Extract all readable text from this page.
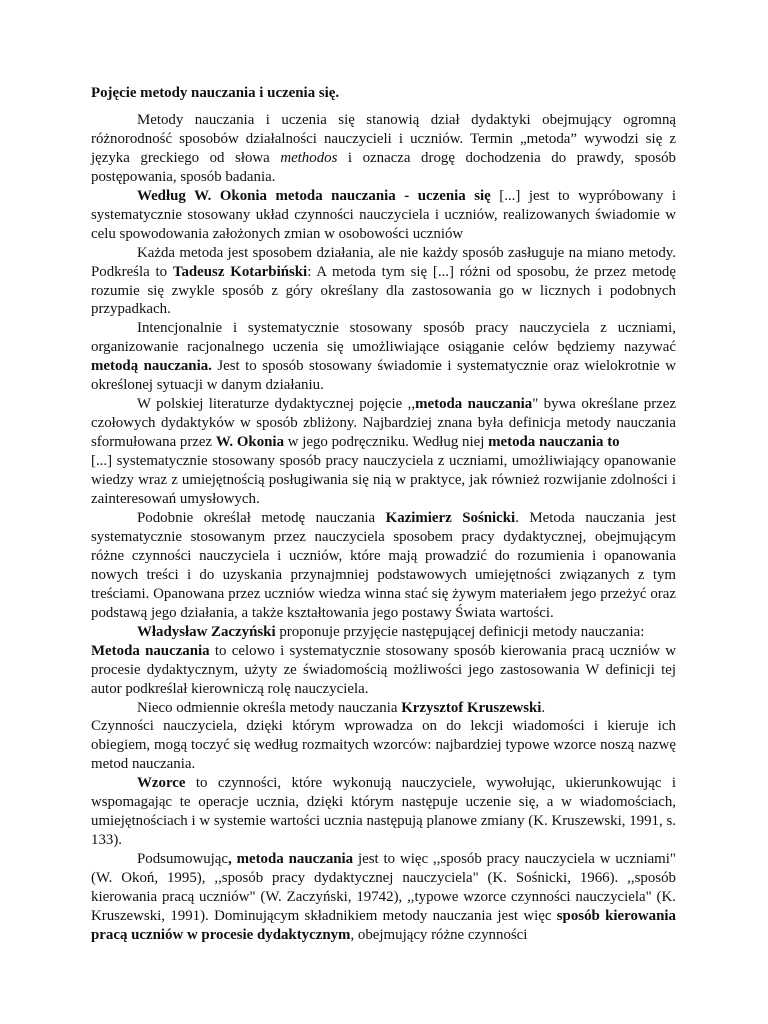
Pojęcie metody nauczania i uczenia się.

Metody nauczania i uczenia się stanowią dział dydaktyki obejmujący ogromną różnorodność sposobów działalności nauczycieli i uczniów. Termin „metoda” wywodzi się z języka greckiego od słowa methodos i oznacza drogę dochodzenia do prawdy, sposób postępowania, sposób badania.

Według W. Okonia metoda nauczania - uczenia się [...] jest to wypróbowany i systematycznie stosowany układ czynności nauczyciela i uczniów, realizowanych świadomie w celu spowodowania założonych zmian w osobowości uczniów

Każda metoda jest sposobem działania, ale nie każdy sposób zasługuje na miano metody. Podkreśla to Tadeusz Kotarbiński: A metoda tym się [...] różni od sposobu, że przez metodę rozumie się zwykle sposób z góry określany dla zastosowania go w licznych i podobnych przypadkach.

Intencjonalnie i systematycznie stosowany sposób pracy nauczyciela z uczniami, organizowanie racjonalnego uczenia się umożliwiające osiąganie celów będziemy nazywać metodą nauczania. Jest to sposób stosowany świadomie i systematycznie oraz wielokrotnie w określonej sytuacji w danym działaniu.

W polskiej literaturze dydaktycznej pojęcie ,,metoda nauczania" bywa określane przez czołowych dydaktyków w sposób zbliżony. Najbardziej znana była definicja metody nauczania sformułowana przez W. Okonia w jego podręczniku. Według niej metoda nauczania to

[...] systematycznie stosowany sposób pracy nauczyciela z uczniami, umożliwiający opanowanie wiedzy wraz z umiejętnością posługiwania się nią w praktyce, jak również rozwijanie zdolności i zainteresowań umysłowych.

Podobnie określał metodę nauczania Kazimierz Sośnicki. Metoda nauczania jest systematycznie stosowanym przez nauczyciela sposobem pracy dydaktycznej, obejmującym różne czynności nauczyciela i uczniów, które mają prowadzić do rozumienia i opanowania nowych treści i do uzyskania przynajmniej podstawowych umiejętności związanych z tym treściami. Opanowana przez uczniów wiedza winna stać się żywym materiałem jego przeżyć oraz podstawą jego działania, a także kształtowania jego postawy Świata wartości.

Władysław Zaczyński proponuje przyjęcie następującej definicji metody nauczania:

Metoda nauczania to celowo i systematycznie stosowany sposób kierowania pracą uczniów w procesie dydaktycznym, użyty ze świadomością możliwości jego zastosowania W definicji tej autor podkreślał kierowniczą rolę nauczyciela.

Nieco odmiennie określa metody nauczania Krzysztof Kruszewski.

Czynności nauczyciela, dzięki którym wprowadza on do lekcji wiadomości i kieruje ich obiegiem, mogą toczyć się według rozmaitych wzorców: najbardziej typowe wzorce noszą nazwę metod nauczania.

Wzorce to czynności, które wykonują nauczyciele, wywołując, ukierunkowując i wspomagając te operacje ucznia, dzięki którym następuje uczenie się, a w wiadomościach, umiejętnościach i w systemie wartości ucznia następują planowe zmiany (K. Kruszewski, 1991, s. 133).

Podsumowując, metoda nauczania jest to więc ,,sposób pracy nauczyciela w uczniami" (W. Okoń, 1995), ,,sposób pracy dydaktycznej nauczyciela" (K. Sośnicki, 1966). ,,sposób kierowania pracą uczniów" (W. Zaczyński, 19742), ,,typowe wzorce czynności nauczyciela" (K. Kruszewski, 1991). Dominującym składnikiem metody nauczania jest więc sposób kierowania pracą uczniów w procesie dydaktycznym, obejmujący różne czynności
